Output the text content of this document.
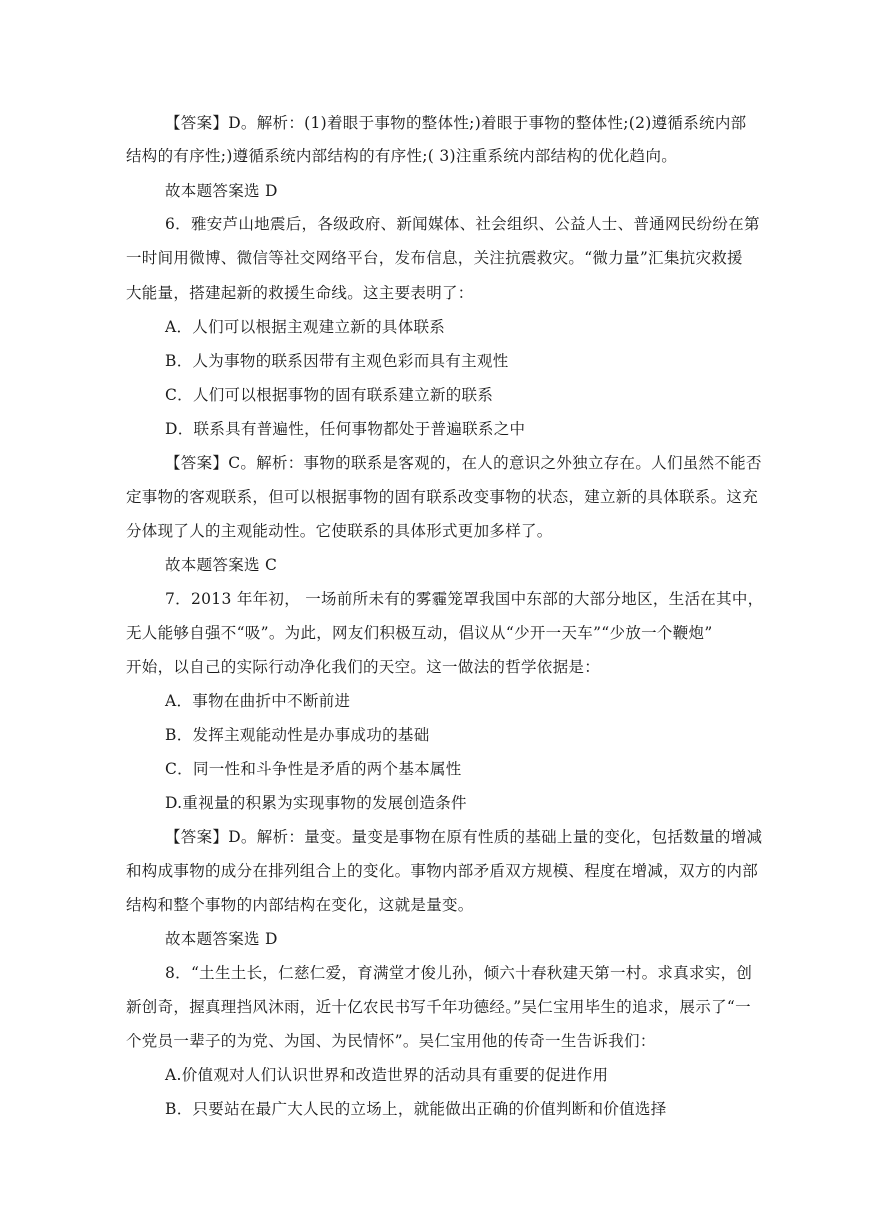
【答案】D。解析：(1)着眼于事物的整体性;)着眼于事物的整体性;(2)遵循系统内部
结构的有序性;)遵循系统内部结构的有序性;( 3)注重系统内部结构的优化趋向。
故本题答案选 D
6．雅安芦山地震后，各级政府、新闻媒体、社会组织、公益人士、普通网民纷纷在第
一时间用微博、微信等社交网络平台，发布信息，关注抗震救灾。“微力量”汇集抗灾救援
大能量，搭建起新的救援生命线。这主要表明了：
A．人们可以根据主观建立新的具体联系
B．人为事物的联系因带有主观色彩而具有主观性
C．人们可以根据事物的固有联系建立新的联系
D．联系具有普遍性，任何事物都处于普遍联系之中
【答案】C。解析：事物的联系是客观的，在人的意识之外独立存在。人们虽然不能否
定事物的客观联系，但可以根据事物的固有联系改变事物的状态，建立新的具体联系。这充
分体现了人的主观能动性。它使联系的具体形式更加多样了。
故本题答案选 C
7．2013 年年初， 一场前所未有的雾霾笼罩我国中东部的大部分地区，生活在其中，
无人能够自强不“吸”。为此，网友们积极互动，倡议从“少开一天车”“少放一个鞭炮”
开始，以自己的实际行动净化我们的天空。这一做法的哲学依据是：
A．事物在曲折中不断前进
B．发挥主观能动性是办事成功的基础
C．同一性和斗争性是矛盾的两个基本属性
D.重视量的积累为实现事物的发展创造条件
【答案】D。解析：量变。量变是事物在原有性质的基础上量的变化，包括数量的增减
和构成事物的成分在排列组合上的变化。事物内部矛盾双方规模、程度在增减，双方的内部
结构和整个事物的内部结构在变化，这就是量变。
故本题答案选 D
8．“土生土长，仁慈仁爱，育满堂才俊儿孙，倾六十春秋建天第一村。求真求实，创
新创奇，握真理挡风沐雨，近十亿农民书写千年功德经。”吴仁宝用毕生的追求，展示了“一
个党员一辈子的为党、为国、为民情怀”。吴仁宝用他的传奇一生告诉我们：
A.价值观对人们认识世界和改造世界的活动具有重要的促进作用
B．只要站在最广大人民的立场上，就能做出正确的价值判断和价值选择
